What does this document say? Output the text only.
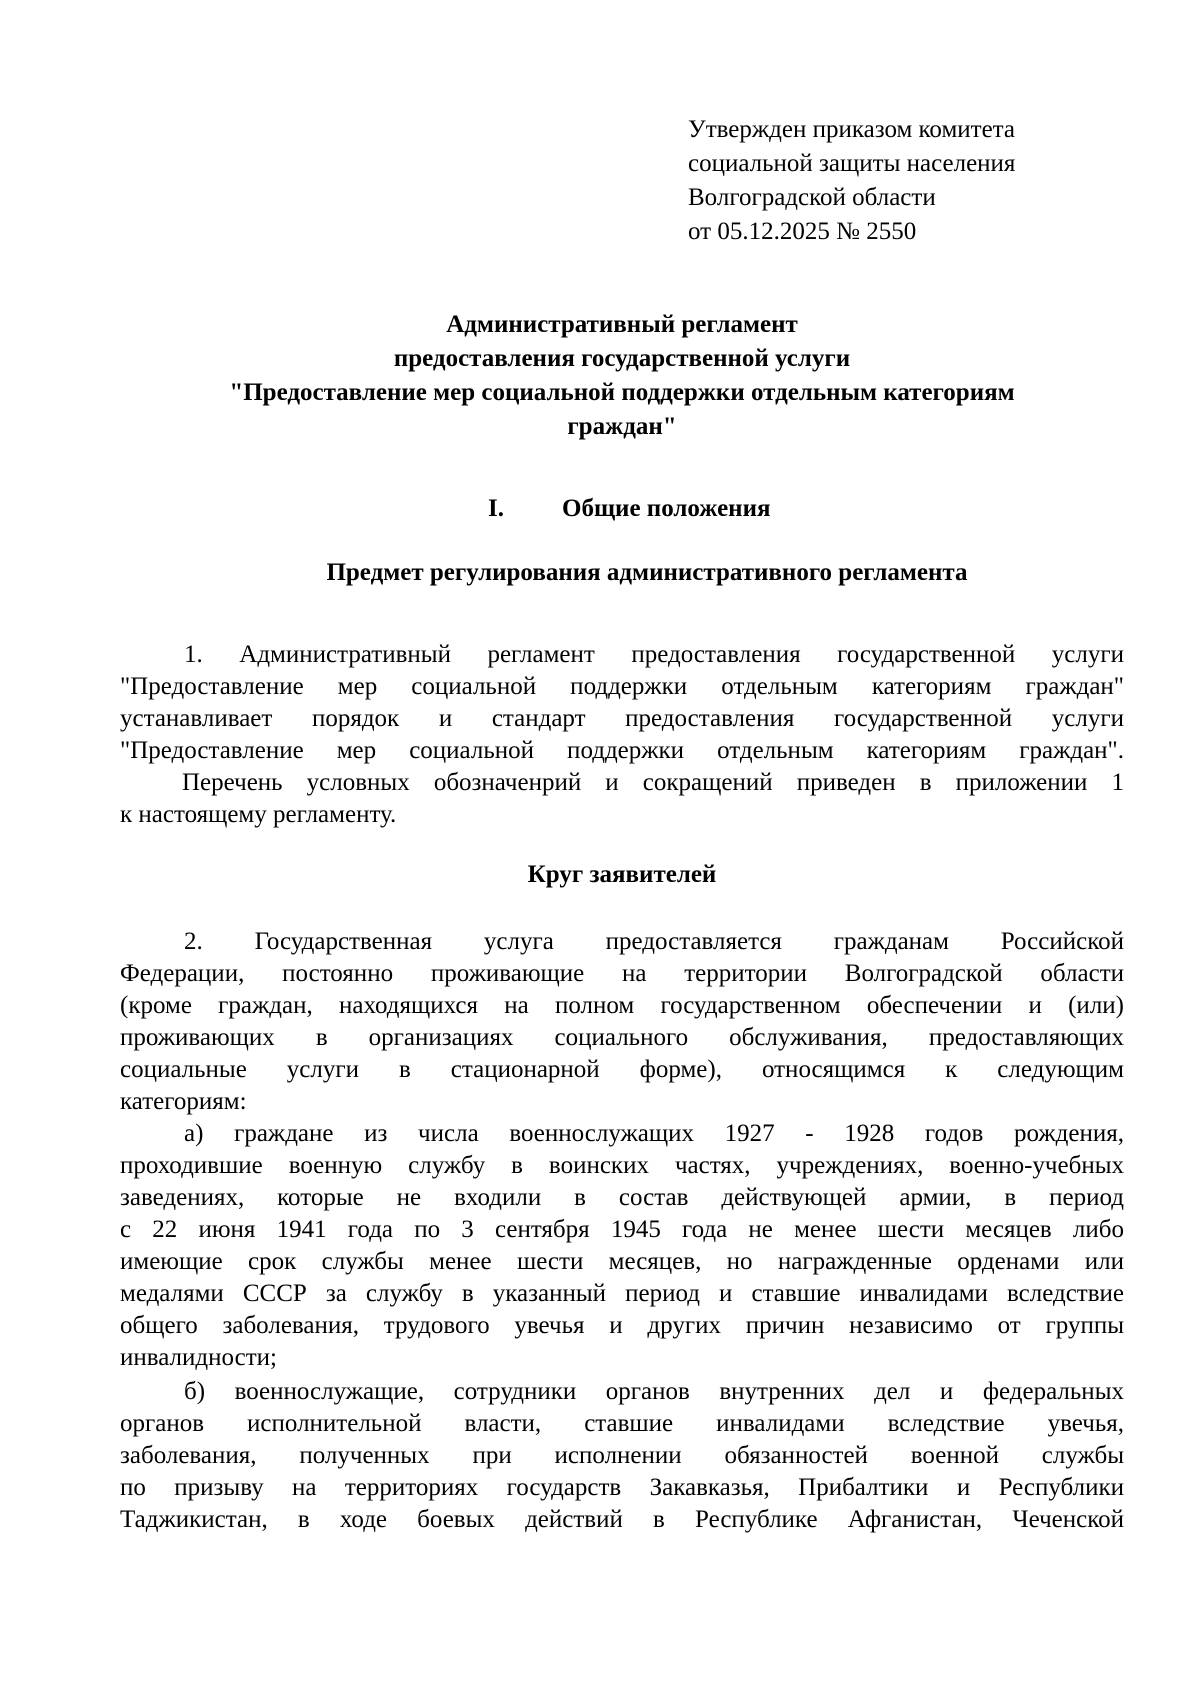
Утвержден приказом комитета
социальной защиты населения
Волгоградской области
от 05.12.2025 № 2550
Административный регламент
предоставления государственной услуги
"Предоставление мер социальной поддержки отдельным категориям
граждан"
I. Общие положения
Предмет регулирования административного регламента
1. Административный регламент предоставления государственной услуги
"Предоставление мер социальной поддержки отдельным категориям граждан"
устанавливает порядок и стандарт предоставления государственной услуги
"Предоставление мер социальной поддержки отдельным категориям граждан".
Перечень условных обозначенрий и сокращений приведен в приложении 1
к настоящему регламенту.
Круг заявителей
2. Государственная услуга предоставляется гражданам Российской
Федерации, постоянно проживающие на территории Волгоградской области
(кроме граждан, находящихся на полном государственном обеспечении и (или)
проживающих в организациях социального обслуживания, предоставляющих
социальные услуги в стационарной форме), относящимся к следующим
категориям:
а) граждане из числа военнослужащих 1927 - 1928 годов рождения,
проходившие военную службу в воинских частях, учреждениях, военно-учебных
заведениях, которые не входили в состав действующей армии, в период
с 22 июня 1941 года по 3 сентября 1945 года не менее шести месяцев либо
имеющие срок службы менее шести месяцев, но награжденные орденами или
медалями СССР за службу в указанный период и ставшие инвалидами вследствие
общего заболевания, трудового увечья и других причин независимо от группы
инвалидности;
б) военнослужащие, сотрудники органов внутренних дел и федеральных
органов исполнительной власти, ставшие инвалидами вследствие увечья,
заболевания, полученных при исполнении обязанностей военной службы
по призыву на территориях государств Закавказья, Прибалтики и Республики
Таджикистан, в ходе боевых действий в Республике Афганистан, Чеченской
